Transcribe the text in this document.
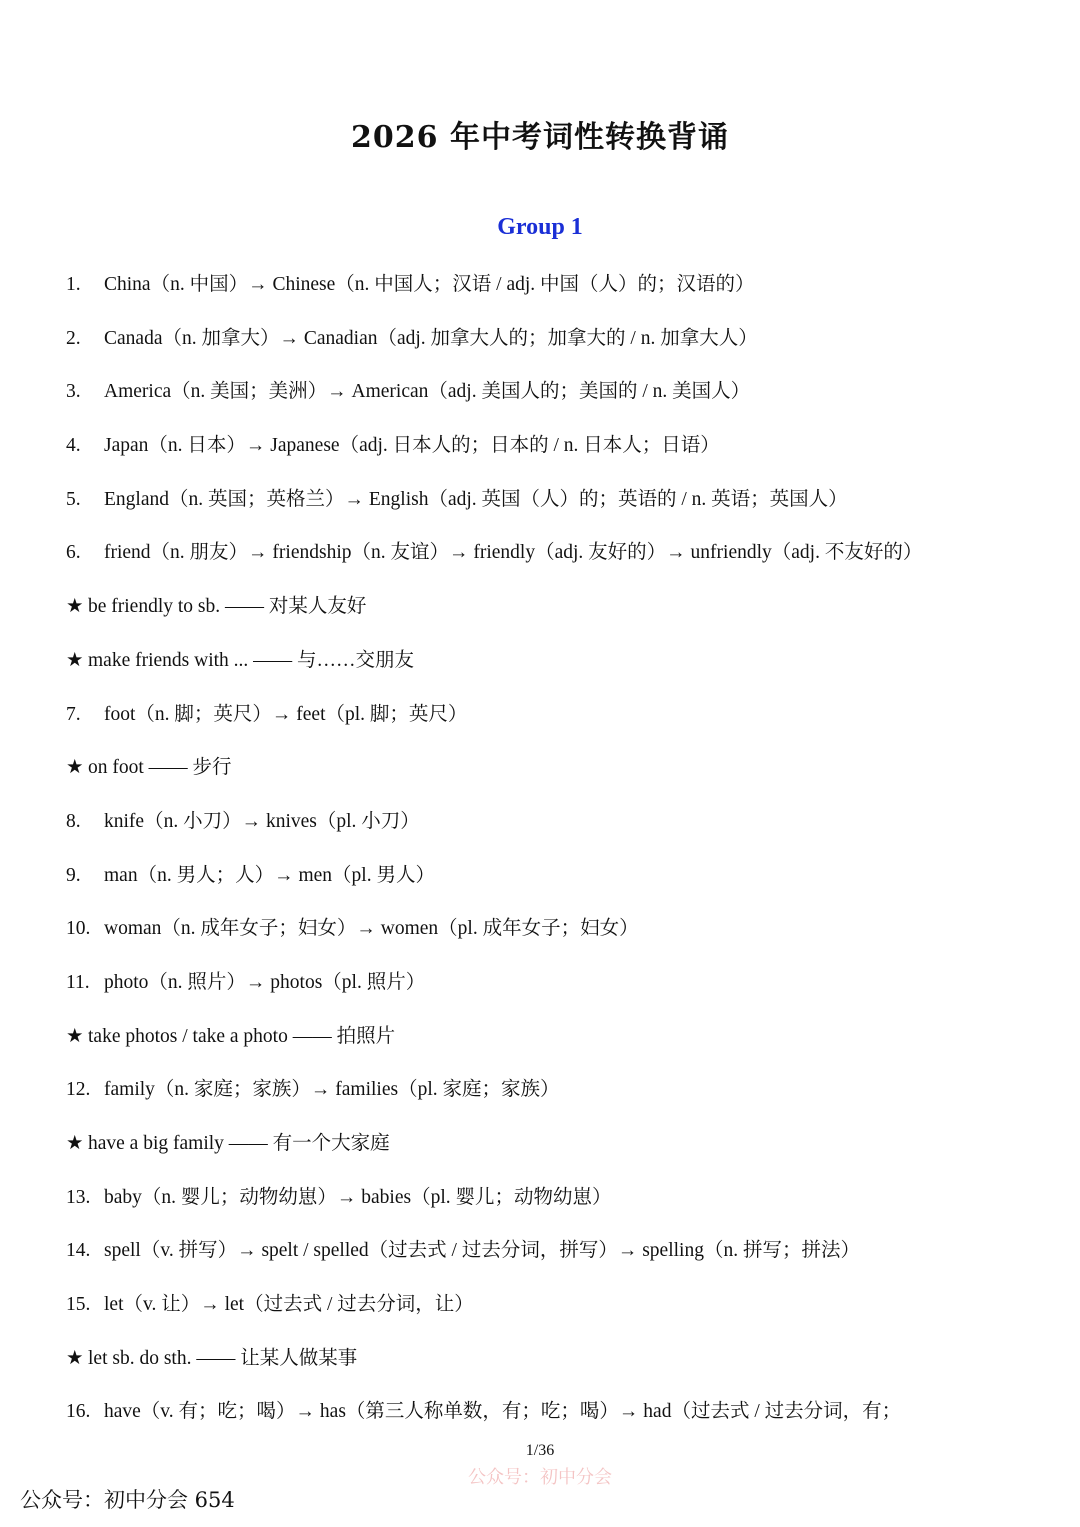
2026 年中考词性转换背诵
Group 1
1. China（n. 中国）→ Chinese（n. 中国人；汉语 / adj. 中国（人）的；汉语的）
2. Canada（n. 加拿大）→ Canadian（adj. 加拿大人的；加拿大的 / n. 加拿大人）
3. America（n. 美国；美洲）→ American（adj. 美国人的；美国的 / n. 美国人）
4. Japan（n. 日本）→ Japanese（adj. 日本人的；日本的 / n. 日本人；日语）
5. England（n. 英国；英格兰）→ English（adj. 英国（人）的；英语的 / n. 英语；英国人）
6. friend（n. 朋友）→ friendship（n. 友谊）→ friendly（adj. 友好的）→ unfriendly（adj. 不友好的）
★ be friendly to sb. —— 对某人友好
★ make friends with ... —— 与……交朋友
7. foot（n. 脚；英尺）→ feet（pl. 脚；英尺）
★ on foot —— 步行
8. knife（n. 小刀）→ knives（pl. 小刀）
9. man（n. 男人；人）→ men（pl. 男人）
10. woman（n. 成年女子；妇女）→ women（pl. 成年女子；妇女）
11. photo（n. 照片）→ photos（pl. 照片）
★ take photos / take a photo —— 拍照片
12. family（n. 家庭；家族）→ families（pl. 家庭；家族）
★ have a big family —— 有一个大家庭
13. baby（n. 婴儿；动物幼崽）→ babies（pl. 婴儿；动物幼崽）
14. spell（v. 拼写）→ spelt / spelled（过去式 / 过去分词，拼写）→ spelling（n. 拼写；拼法）
15. let（v. 让）→ let（过去式 / 过去分词，让）
★ let sb. do sth. —— 让某人做某事
16. have（v. 有；吃；喝）→ has（第三人称单数，有；吃；喝）→ had（过去式 / 过去分词，有；
1/36
公众号：初中分会
公众号：初中分会 654
